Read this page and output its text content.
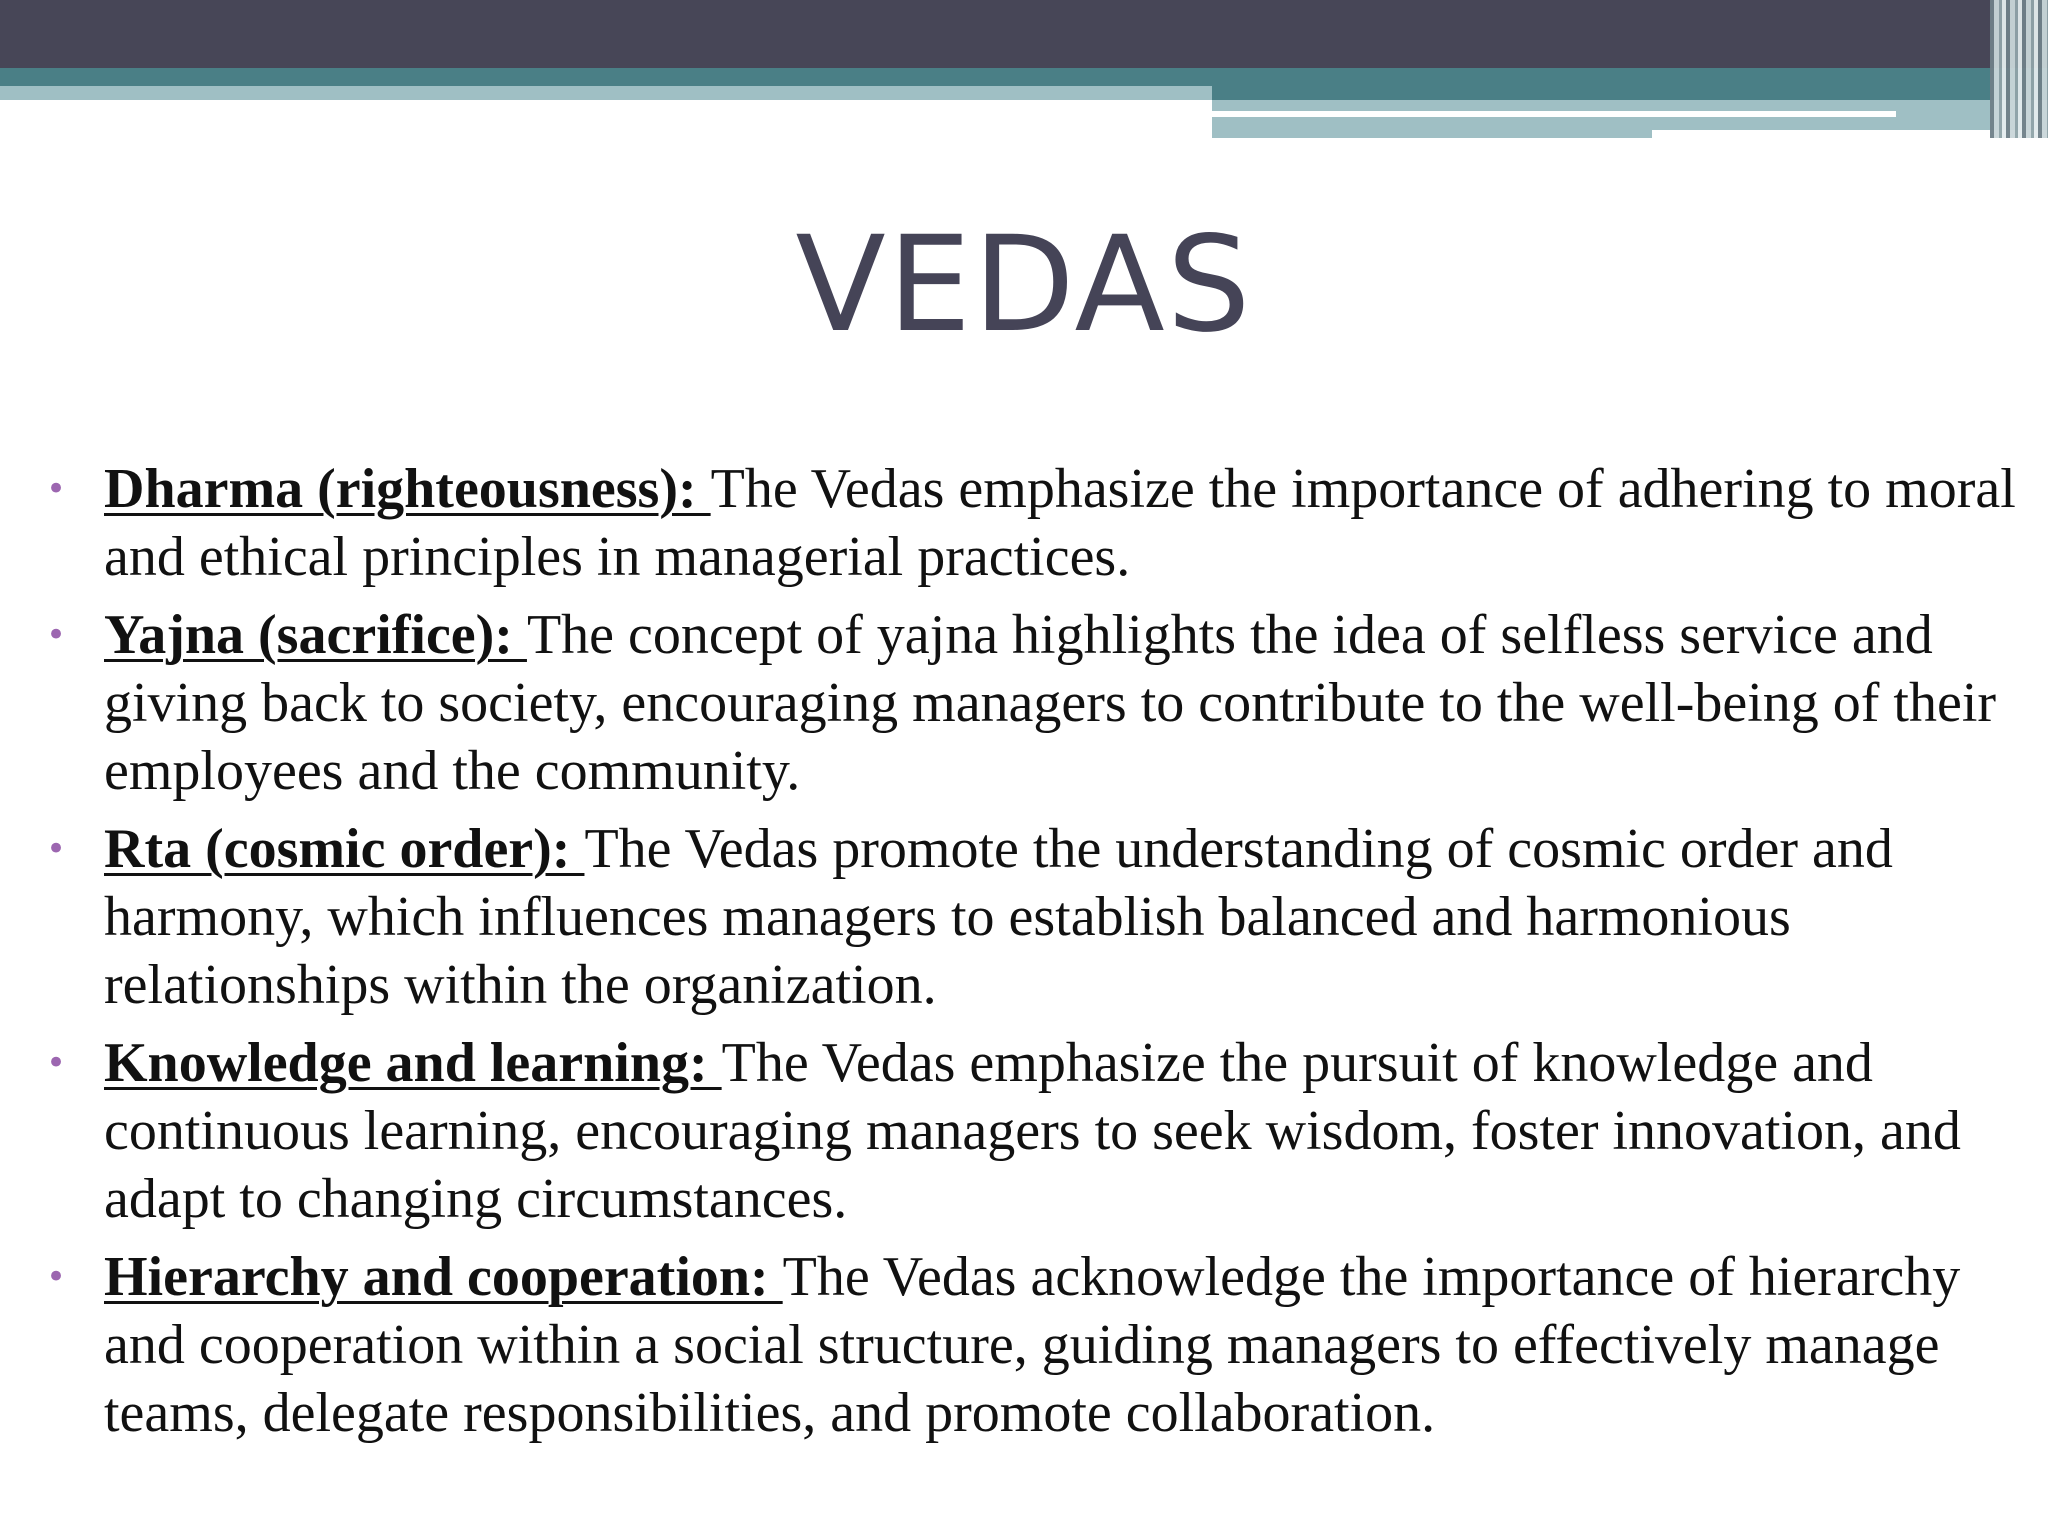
VEDAS
• Dharma (righteousness): The Vedas emphasize the importance of adhering to moral and ethical principles in managerial practices.
• Yajna (sacrifice): The concept of yajna highlights the idea of selfless service and giving back to society, encouraging managers to contribute to the well-being of their employees and the community.
• Rta (cosmic order): The Vedas promote the understanding of cosmic order and harmony, which influences managers to establish balanced and harmonious relationships within the organization.
• Knowledge and learning: The Vedas emphasize the pursuit of knowledge and continuous learning, encouraging managers to seek wisdom, foster innovation, and adapt to changing circumstances.
• Hierarchy and cooperation: The Vedas acknowledge the importance of hierarchy and cooperation within a social structure, guiding managers to effectively manage teams, delegate responsibilities, and promote collaboration.
